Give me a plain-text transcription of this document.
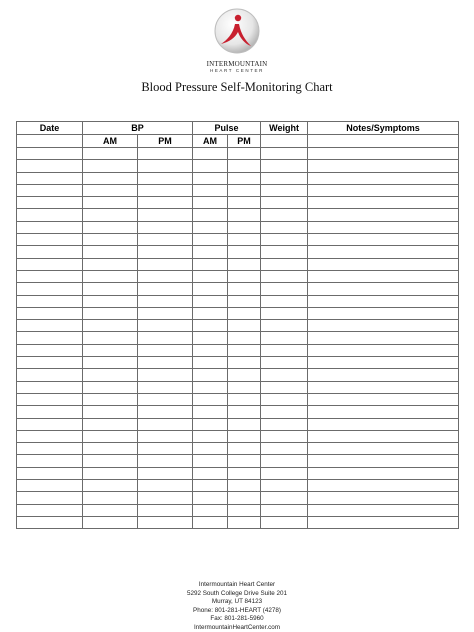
INTERMOUNTAIN
HEART CENTER
Blood Pressure Self-Monitoring Chart
Date	BP		Pulse		Weight	Notes/Symptoms
	AM	PM	AM	PM		

Intermountain Heart Center
5292 South College Drive Suite 201
Murray, UT 84123
Phone: 801-281-HEART (4278)
Fax: 801-281-5960
IntermountainHeartCenter.com
